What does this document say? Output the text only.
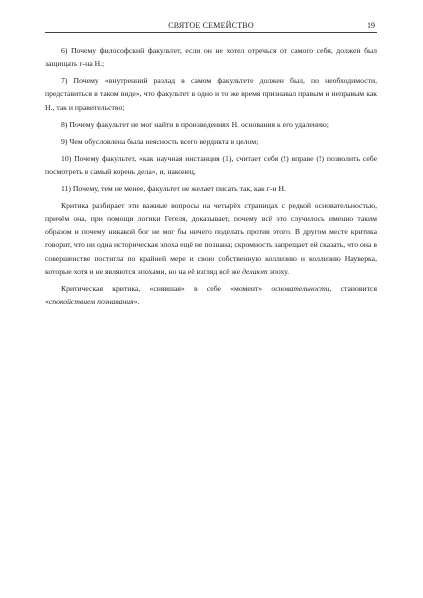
СВЯТОЕ СЕМЕЙСТВО	19

6) Почему философский факультет, если он не хотел отречься от самого себя, должен был защищать г-на Н.;

7) Почему «внутренний разлад в самом факультете должен был, по необходимости, представиться в таком виде», что факультет в одно и то же время признавал правым и неправым как Н., так и правительство;

8) Почему факультет не мог найти в произведениях Н. основания к его удалению;

9) Чем обусловлена была неясность всего вердикта в целом;

10) Почему факультет, «как научная инстанция (1), считает себя (!) вправе (!) позволить себе посмотреть в самый корень дела», и, наконец,

11) Почему, тем не менее, факультет не желает писать так, как г-н Н.

Критика разбирает эти важные вопросы на четырёх страницах с редкой основательностью, причём она, при помощи логики Гегеля, доказывает, почему всё это случилось именно таким образом и почему никакой бог не мог бы ничего поделать против этого. В другом месте критика говорит, что ни одна историческая эпоха ещё не познана; скромность запрещает ей сказать, что она в совершенстве постигла по крайней мере и свою собственную коллизию и коллизию Науверка, которые хотя и не являются эпохами, но на её взгляд всё же делают эпоху.

Критическая критика, «снявшая» в себе «момент» основательности, становится «спокойствием познавания».
